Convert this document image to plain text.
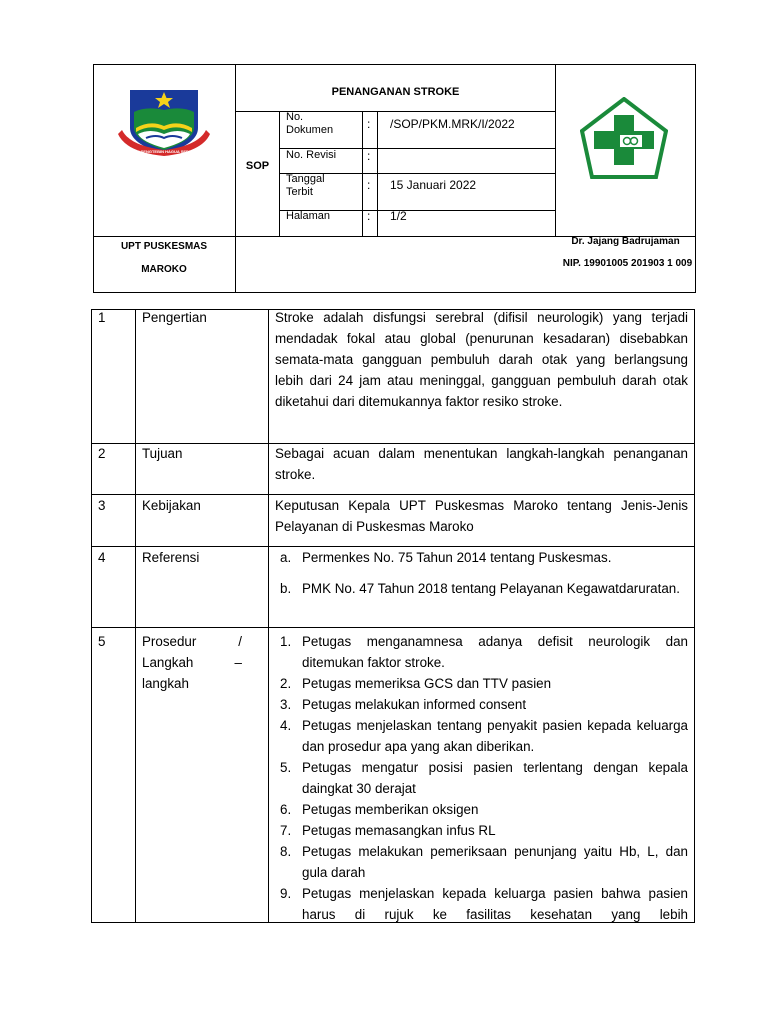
SEPI SENGTEBIN HAGUA SEDNAN
PENANGANAN STROKE
SOP
No. Dokumen	: /SOP/PKM.MRK/I/2022
No. Revisi	:
Tanggal Terbit	: 15 Januari 2022
Halaman	: 1/2
UPT PUSKESMAS
MAROKO
Dr. Jajang Badrujaman
NIP. 19901005 201903 1 009
1	Pengertian	Stroke adalah disfungsi serebral (difisil neurologik) yang terjadi mendadak fokal atau global (penurunan kesadaran) disebabkan semata-mata gangguan pembuluh darah otak yang berlangsung lebih dari 24 jam atau meninggal, gangguan pembuluh darah otak diketahui dari ditemukannya faktor resiko stroke.
2	Tujuan	Sebagai acuan dalam menentukan langkah-langkah penanganan stroke.
3	Kebijakan	Keputusan Kepala UPT Puskesmas Maroko tentang Jenis-Jenis Pelayanan di Puskesmas Maroko
4	Referensi	a. Permenkes No. 75 Tahun 2014 tentang Puskesmas.
b. PMK No. 47 Tahun 2018 tentang Pelayanan Kegawatdaruratan.
5	Prosedur / Langkah – langkah
1. Petugas menganamnesa adanya defisit neurologik dan ditemukan faktor stroke.
2. Petugas memeriksa GCS dan TTV pasien
3. Petugas melakukan informed consent
4. Petugas menjelaskan tentang penyakit pasien kepada keluarga dan prosedur apa yang akan diberikan.
5. Petugas mengatur posisi pasien terlentang dengan kepala daingkat 30 derajat
6. Petugas memberikan oksigen
7. Petugas memasangkan infus RL
8. Petugas melakukan pemeriksaan penunjang yaitu Hb, L, dan gula darah
9. Petugas menjelaskan kepada keluarga pasien bahwa pasien harus di rujuk ke fasilitas kesehatan yang lebih
